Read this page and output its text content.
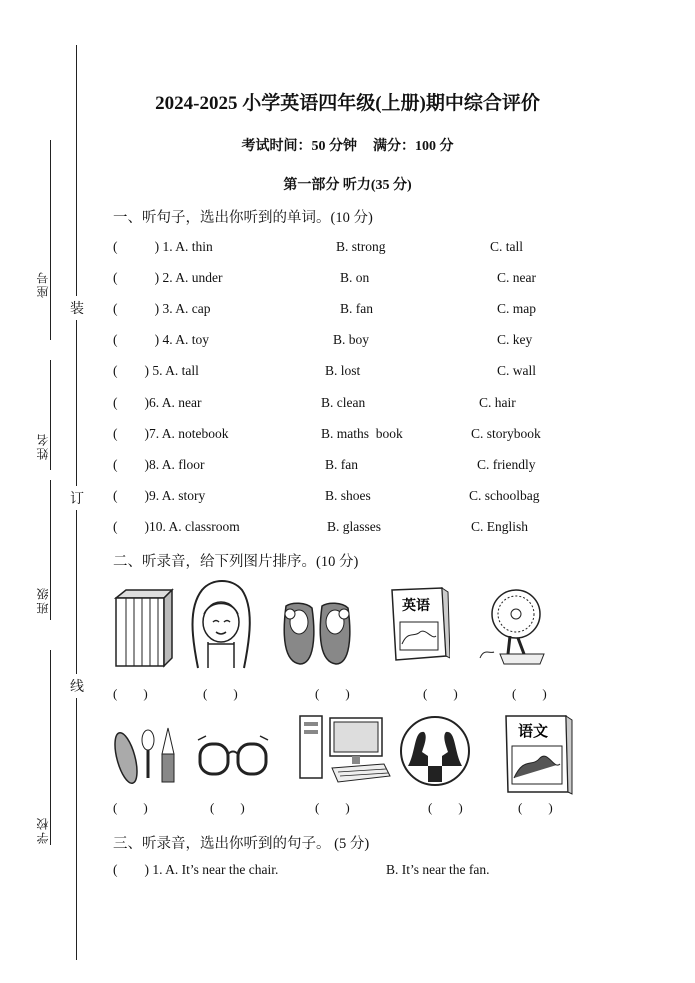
座号
姓名
班级
学校
装
订
线
2024-2025 小学英语四年级(上册)期中综合评价
考试时间：50 分钟 满分：100 分
第一部分 听力(35 分)
一、听句子，选出你听到的单词。(10 分)
(           ) 1. A. thin	B. strong	C. tall
(           ) 2. A. under	B. on	C. near
(           ) 3. A. cap	B. fan	C. map
(           ) 4. A. toy	B. boy	C. key
(        ) 5. A. tall	B. lost	C. wall
(        )6. A. near	B. clean	C. hair
(        )7. A. notebook	B. maths  book	C. storybook
(        )8. A. floor	B. fan	C. friendly
(        )9. A. story	B. shoes	C. schoolbag
(        )10. A. classroom	B. glasses	C. English
二、听录音，给下列图片排序。(10 分)
英语
(        )	(        )	(        )	(        )	(        )
语文
(        )	(        )	(        )	(        )	(        )
三、听录音，选出你听到的句子。 (5 分)
(        ) 1. A. It’s near the chair.	B. It’s near the fan.
